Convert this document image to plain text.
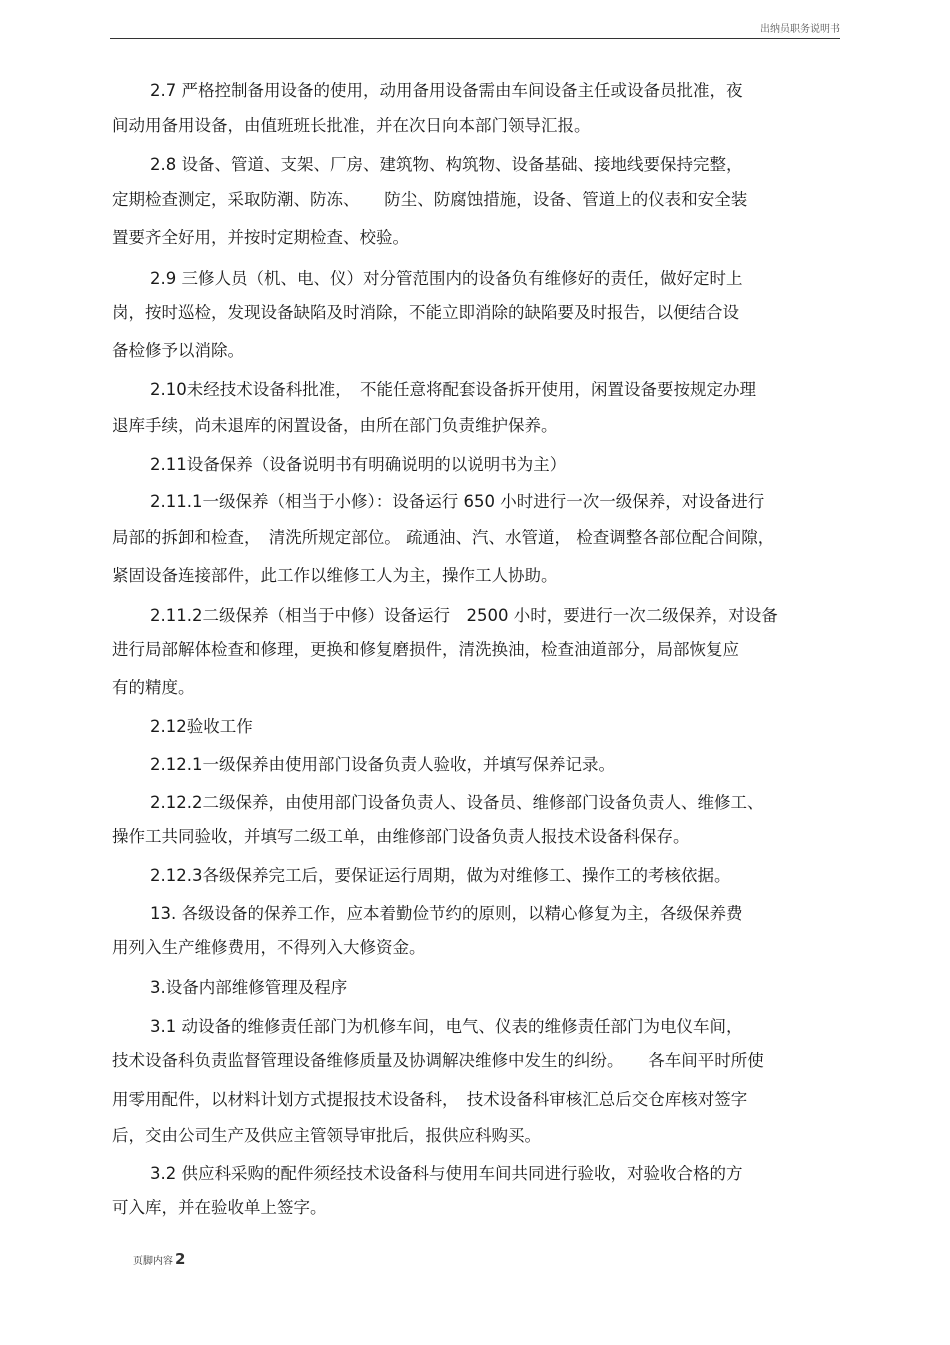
出纳员职务说明书
2.7 严格控制备用设备的使用，动用备用设备需由车间设备主任或设备员批准，夜
间动用备用设备，由值班班长批准，并在次日向本部门领导汇报。
2.8 设备、管道、支架、厂房、建筑物、构筑物、设备基础、接地线要保持完整，
定期检查测定，采取防潮、防冻、　　防尘、防腐蚀措施，设备、管道上的仪表和安全装
置要齐全好用，并按时定期检查、校验。
2.9 三修人员（机、电、仪）对分管范围内的设备负有维修好的责任，做好定时上
岗，按时巡检，发现设备缺陷及时消除，不能立即消除的缺陷要及时报告，以便结合设
备检修予以消除。
2.10未经技术设备科批准，　不能任意将配套设备拆开使用，闲置设备要按规定办理
退库手续，尚未退库的闲置设备，由所在部门负责维护保养。
2.11设备保养（设备说明书有明确说明的以说明书为主）
2.11.1一级保养（相当于小修）：设备运行 650 小时进行一次一级保养，对设备进行
局部的拆卸和检查，　清洗所规定部位。 疏通油、汽、水管道， 检查调整各部位配合间隙，
紧固设备连接部件，此工作以维修工人为主，操作工人协助。
2.11.2二级保养（相当于中修）设备运行　2500 小时，要进行一次二级保养，对设备
进行局部解体检查和修理，更换和修复磨损件，清洗换油，检查油道部分，局部恢复应
有的精度。
2.12验收工作
2.12.1一级保养由使用部门设备负责人验收，并填写保养记录。
2.12.2二级保养，由使用部门设备负责人、设备员、维修部门设备负责人、维修工、
操作工共同验收，并填写二级工单，由维修部门设备负责人报技术设备科保存。
2.12.3各级保养完工后，要保证运行周期，做为对维修工、操作工的考核依据。
13. 各级设备的保养工作，应本着勤俭节约的原则，以精心修复为主，各级保养费
用列入生产维修费用，不得列入大修资金。
3.设备内部维修管理及程序
3.1 动设备的维修责任部门为机修车间，电气、仪表的维修责任部门为电仪车间，
技术设备科负责监督管理设备维修质量及协调解决维修中发生的纠纷。　　各车间平时所使
用零用配件，以材料计划方式提报技术设备科，　技术设备科审核汇总后交仓库核对签字
后，交由公司生产及供应主管领导审批后，报供应科购买。
3.2 供应科采购的配件须经技术设备科与使用车间共同进行验收，对验收合格的方
可入库，并在验收单上签字。
页脚内容 2
